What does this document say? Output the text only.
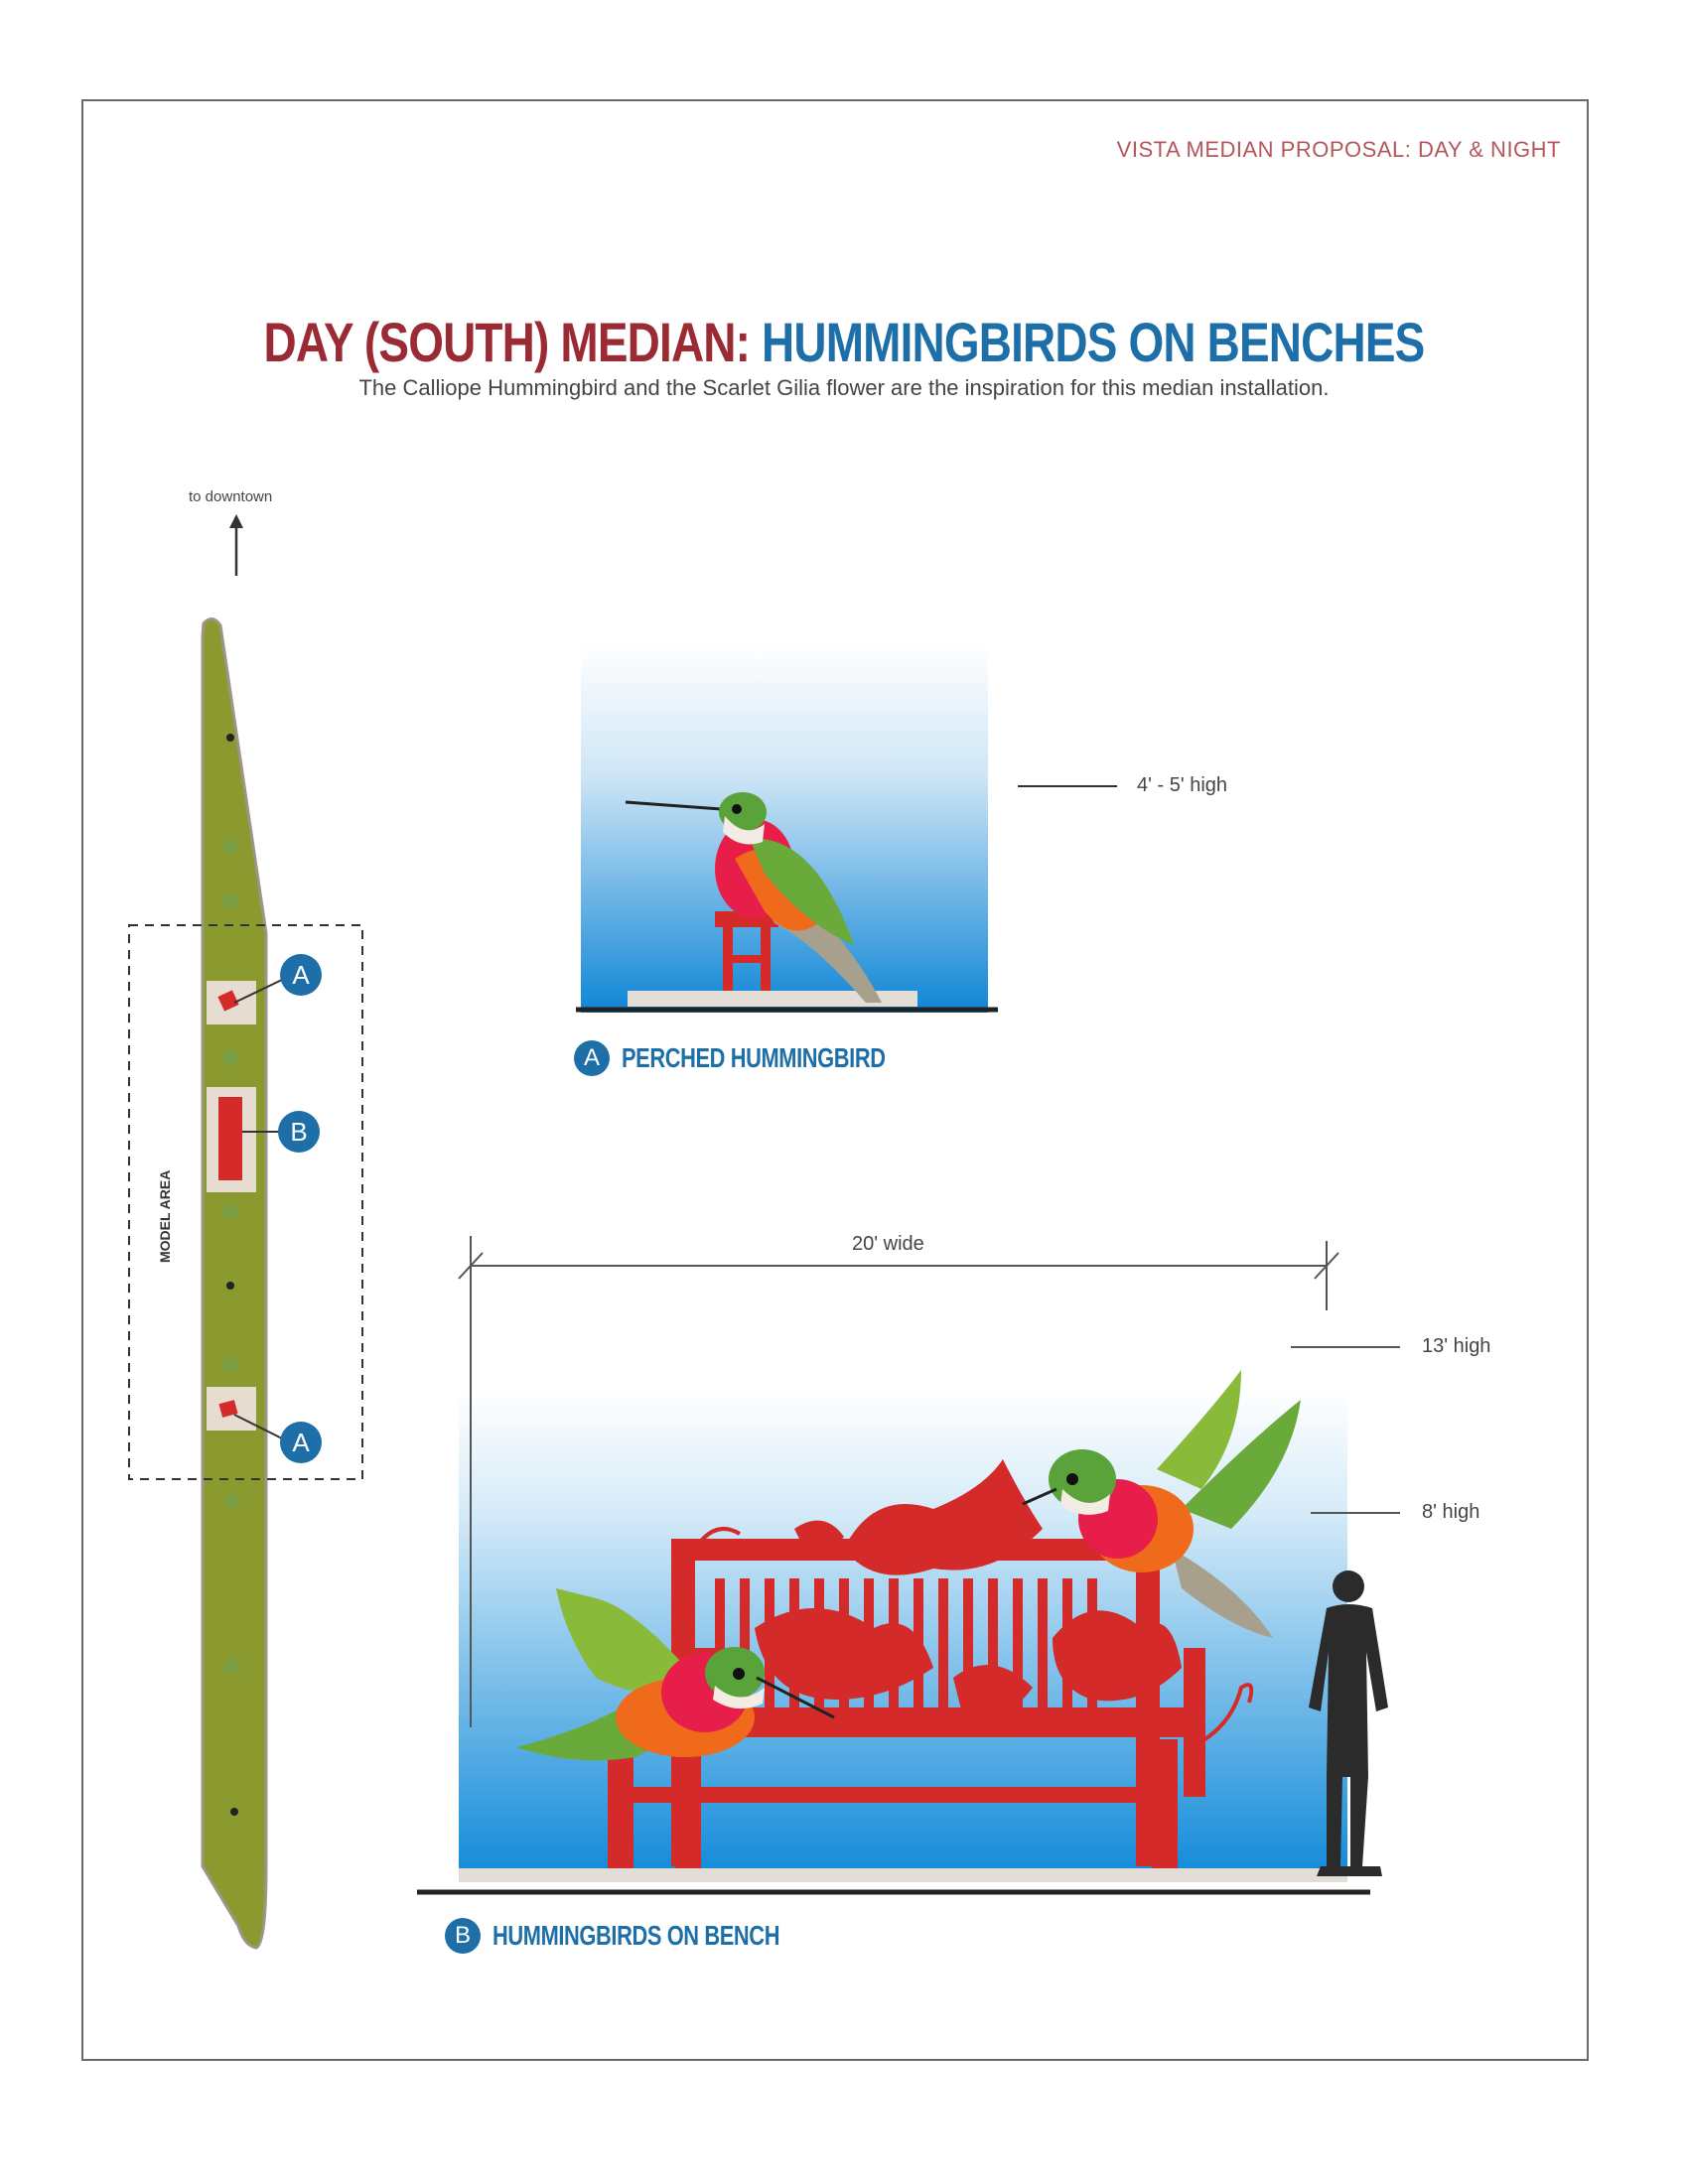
VISTA MEDIAN PROPOSAL: DAY & NIGHT
DAY (SOUTH) MEDIAN: HUMMINGBIRDS ON BENCHES
The Calliope Hummingbird and the Scarlet Gilia flower are the inspiration for this median installation.
to downtown
MODEL AREA
A
B
A
4' - 5' high
A PERCHED HUMMINGBIRD
20' wide
13' high
8' high
B HUMMINGBIRDS ON BENCH
